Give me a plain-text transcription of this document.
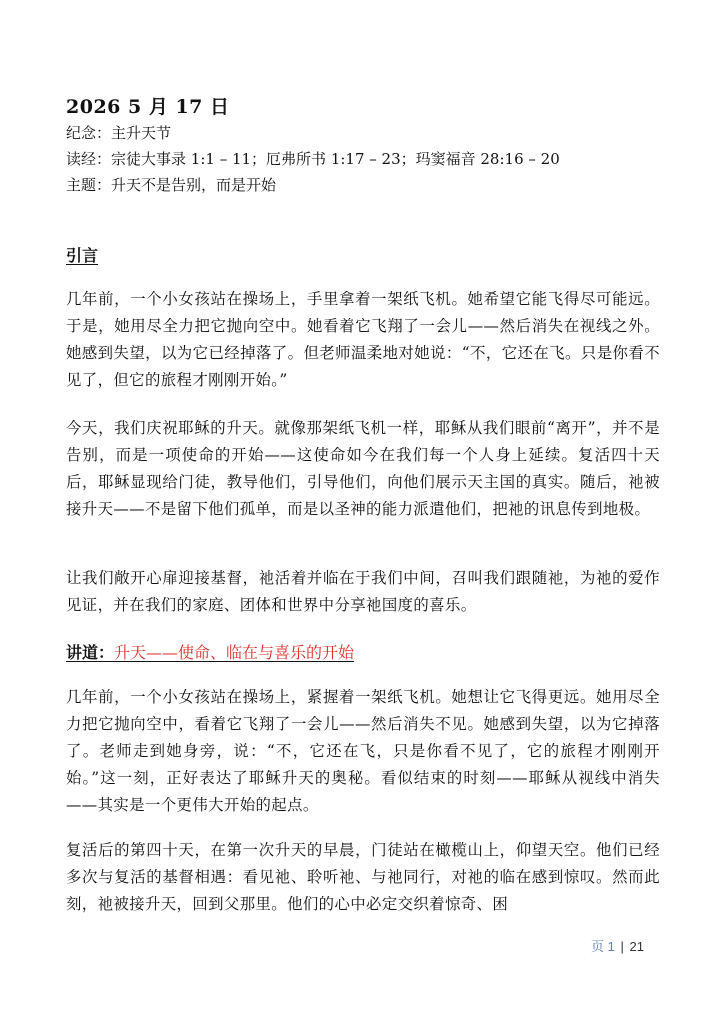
2026 5 月 17 日
纪念：主升天节
读经：宗徒大事录 1:1 – 11；厄弗所书 1:17 – 23；玛窦福音 28:16 – 20
主题：升天不是告别，而是开始
引言

几年前，一个小女孩站在操场上，手里拿着一架纸飞机。她希望它能飞得尽可能远。于是，她用尽全力把它抛向空中。她看着它飞翔了一会儿——然后消失在视线之外。她感到失望，以为它已经掉落了。但老师温柔地对她说：“不，它还在飞。只是你看不见了，但它的旅程才刚刚开始。”

今天，我们庆祝耶稣的升天。就像那架纸飞机一样，耶稣从我们眼前“离开”，并不是告别，而是一项使命的开始——这使命如今在我们每一个人身上延续。复活四十天后，耶稣显现给门徒，教导他们，引导他们，向他们展示天主国的真实。随后，祂被接升天——不是留下他们孤单，而是以圣神的能力派遣他们，把祂的讯息传到地极。

让我们敞开心扉迎接基督，祂活着并临在于我们中间，召叫我们跟随祂，为祂的爱作见证，并在我们的家庭、团体和世界中分享祂国度的喜乐。

讲道：升天——使命、临在与喜乐的开始

几年前，一个小女孩站在操场上，紧握着一架纸飞机。她想让它飞得更远。她用尽全力把它抛向空中，看着它飞翔了一会儿——然后消失不见。她感到失望，以为它掉落了。老师走到她身旁，说：“不，它还在飞，只是你看不见了，它的旅程才刚刚开始。”这一刻，正好表达了耶稣升天的奥秘。看似结束的时刻——耶稣从视线中消失——其实是一个更伟大开始的起点。

复活后的第四十天，在第一次升天的早晨，门徒站在橄榄山上，仰望天空。他们已经多次与复活的基督相遇：看见祂、聆听祂、与祂同行，对祂的临在感到惊叹。然而此刻，祂被接升天，回到父那里。他们的心中必定交织着惊奇、困

页 1 | 21
